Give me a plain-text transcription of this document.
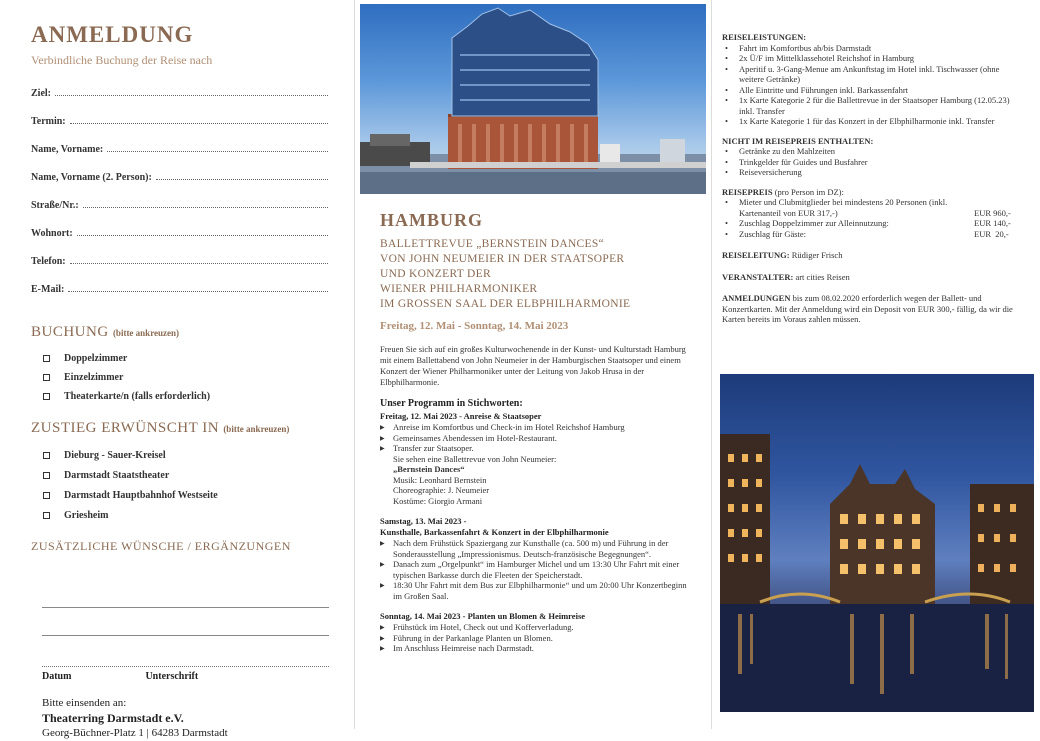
ANMELDUNG
Verbindliche Buchung der Reise nach
Ziel:
Termin:
Name, Vorname:
Name, Vorname (2. Person):
Straße/Nr.:
Wohnort:
Telefon:
E-Mail:
BUCHUNG (bitte ankreuzen)
Doppelzimmer
Einzelzimmer
Theaterkarte/n (falls erforderlich)
ZUSTIEG ERWÜNSCHT IN (bitte ankreuzen)
Dieburg - Sauer-Kreisel
Darmstadt Staatstheater
Darmstadt Hauptbahnhof Westseite
Griesheim
ZUSÄTZLICHE WÜNSCHE / ERGÄNZUNGEN
Datum	Unterschrift
Bitte einsenden an:
Theaterring Darmstadt e.V.
Georg-Büchner-Platz 1 | 64283 Darmstadt
HAMBURG
BALLETTREVUE „BERNSTEIN DANCES“
VON JOHN NEUMEIER IN DER STAATSOPER
UND KONZERT DER
WIENER PHILHARMONIKER
IM GROSSEN SAAL DER ELBPHILHARMONIE
Freitag, 12. Mai - Sonntag, 14. Mai 2023
Freuen Sie sich auf ein großes Kulturwochenende in der Kunst- und Kulturstadt Hamburg mit einem Ballettabend von John Neumeier in der Hamburgischen Staatsoper und einem Konzert der Wiener Philharmoniker unter der Leitung von Jakob Hrusa in der Elbphilharmonie.
Unser Programm in Stichworten:
Freitag, 12. Mai 2023 - Anreise & Staatsoper
▶ Anreise im Komfortbus und Check-in im Hotel Reichshof Hamburg
▶ Gemeinsames Abendessen im Hotel-Restaurant.
▶ Transfer zur Staatsoper.
Sie sehen eine Ballettrevue von John Neumeier:
„Bernstein Dances“
Musik: Leonhard Bernstein
Choreographie: J. Neumeier
Kostüme: Giorgio Armani
Samstag, 13. Mai 2023 -
Kunsthalle, Barkassenfahrt & Konzert in der Elbphilharmonie
▶ Nach dem Frühstück Spaziergang zur Kunsthalle (ca. 500 m) und Führung in der Sonderausstellung „Impressionismus. Deutsch-französische Begegnungen“.
▶ Danach zum „Orgelpunkt“ im Hamburger Michel und um 13:30 Uhr Fahrt mit einer typischen Barkasse durch die Fleeten der Speicherstadt.
▶ 18:30 Uhr Fahrt mit dem Bus zur Elbphilharmonie“ und um 20:00 Uhr Konzertbeginn im Großen Saal.
Sonntag, 14. Mai 2023 - Planten un Blomen & Heimreise
▶ Frühstück im Hotel, Check out und Kofferverladung.
▶ Führung in der Parkanlage Planten un Blomen.
▶ Im Anschluss Heimreise nach Darmstadt.
REISELEISTUNGEN:
• Fahrt im Komfortbus ab/bis Darmstadt
• 2x Ü/F im Mittelklassehotel Reichshof in Hamburg
• Aperitif u. 3-Gang-Menue am Ankunftstag im Hotel inkl. Tischwasser (ohne weitere Getränke)
• Alle Eintritte und Führungen inkl. Barkassenfahrt
• 1x Karte Kategorie 2 für die Ballettrevue in der Staatsoper Hamburg (12.05.23) inkl. Transfer
• 1x Karte Kategorie 1 für das Konzert in der Elbphilharmonie inkl. Transfer
NICHT IM REISEPREIS ENTHALTEN:
• Getränke zu den Mahlzeiten
• Trinkgelder für Guides und Busfahrer
• Reiseversicherung
REISEPREIS (pro Person im DZ):
• Mieter und Clubmitglieder bei mindestens 20 Personen (inkl. Kartenanteil von EUR 317,-)	EUR 960,-
• Zuschlag Doppelzimmer zur Alleinnutzung:	EUR 140,-
• Zuschlag für Gäste:	EUR  20,-
REISELEITUNG: Rüdiger Frisch
VERANSTALTER: art cities Reisen
ANMELDUNGEN bis zum 08.02.2020 erforderlich wegen der Ballett- und Konzertkarten. Mit der Anmeldung wird ein Deposit von EUR 300,- fällig, da wir die Karten bereits im Voraus zahlen müssen.
